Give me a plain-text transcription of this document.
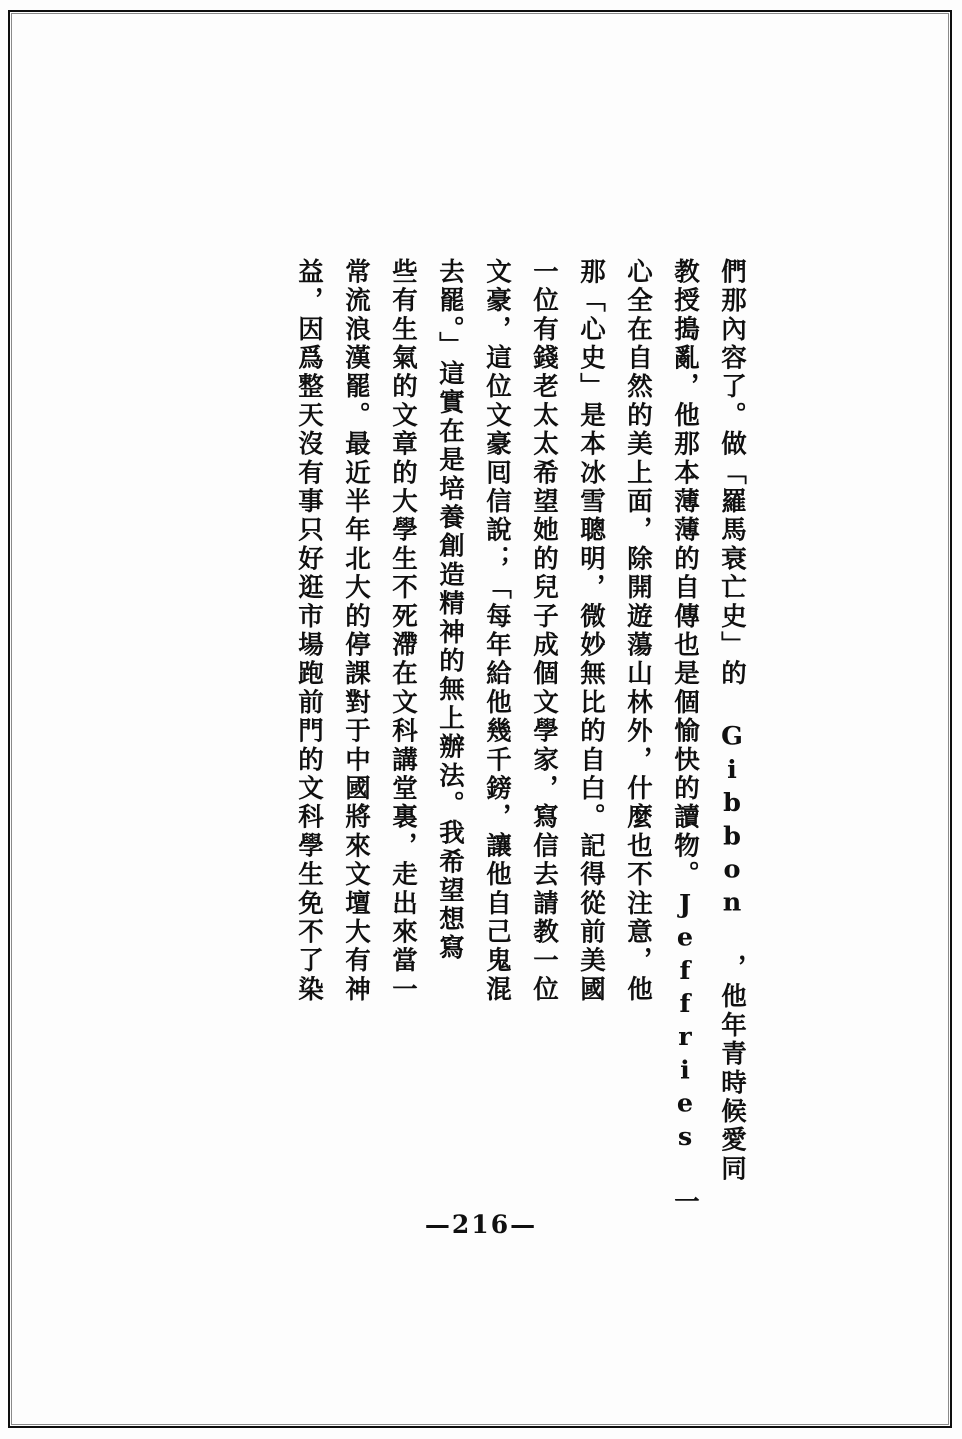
們那內容了。做「羅馬衰亡史」的 Gibbon ，他年青時候愛同
教授搗亂，他那本薄薄的自傳也是個愉快的讀物。Jeffries 一
心全在自然的美上面，除開遊蕩山林外，什麼也不注意，他
那「心史」是本冰雪聰明，微妙無比的自白。記得從前美國
一位有錢老太太希望她的兒子成個文學家，寫信去請教一位
文豪，這位文豪囘信說；「每年給他幾千鎊，讓他自己鬼混
去罷。」這實在是培養創造精神的無上辦法。我希望想寫
些有生氣的文章的大學生不死滯在文科講堂裏，走出來當一
常流浪漢罷。最近半年北大的停課對于中國將來文壇大有神
益，因爲整天沒有事只好逛市場跑前門的文科學生免不了染
—216—
